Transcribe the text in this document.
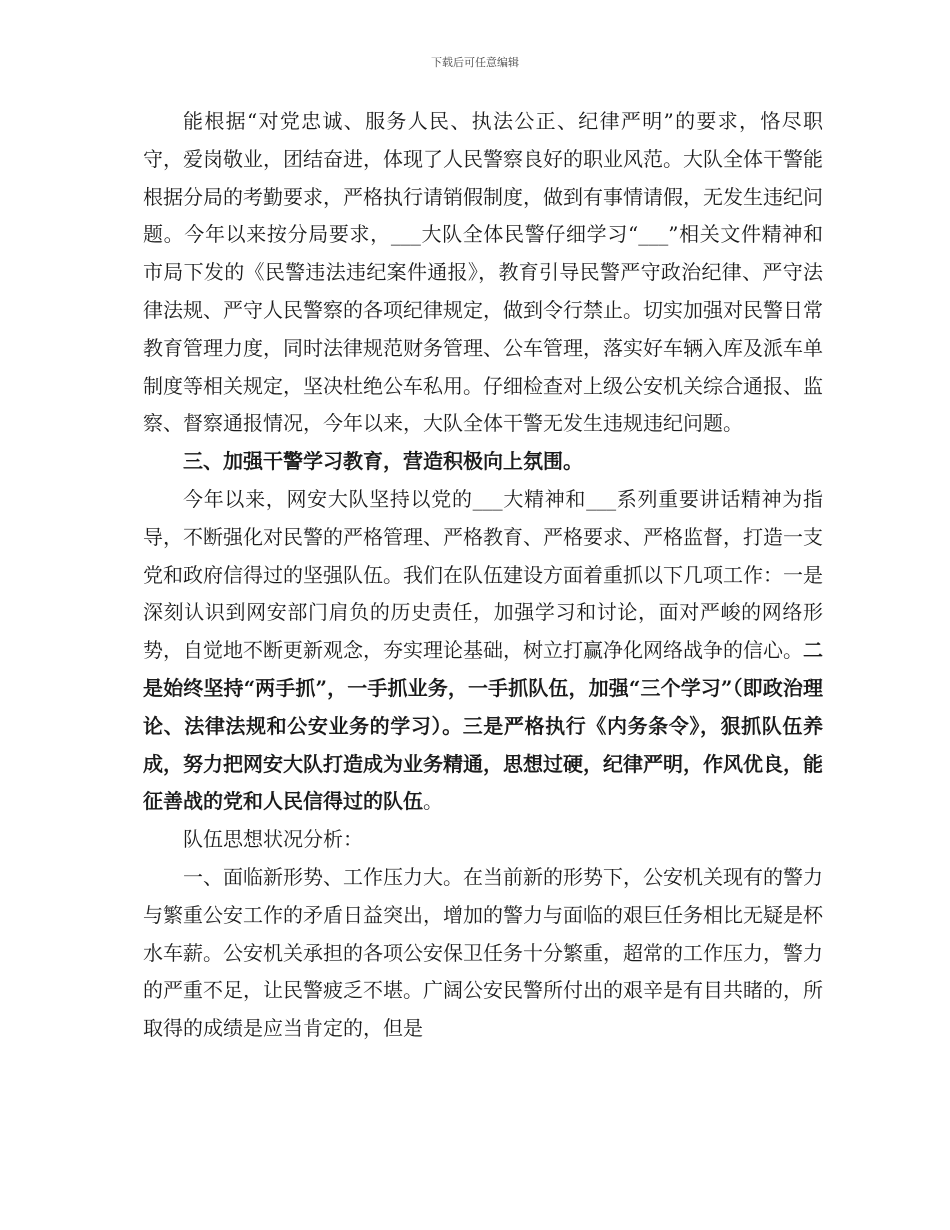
下载后可任意编辑

能根据“对党忠诚、服务人民、执法公正、纪律严明”的要求，恪尽职守，爱岗敬业，团结奋进，体现了人民警察良好的职业风范。大队全体干警能根据分局的考勤要求，严格执行请销假制度，做到有事情请假，无发生违纪问题。今年以来按分局要求，___大队全体民警仔细学习“___”相关文件精神和市局下发的《民警违法违纪案件通报》，教育引导民警严守政治纪律、严守法律法规、严守人民警察的各项纪律规定，做到令行禁止。切实加强对民警日常教育管理力度，同时法律规范财务管理、公车管理，落实好车辆入库及派车单制度等相关规定，坚决杜绝公车私用。仔细检查对上级公安机关综合通报、监察、督察通报情况，今年以来，大队全体干警无发生违规违纪问题。

三、加强干警学习教育，营造积极向上氛围。

今年以来，网安大队坚持以党的___大精神和___系列重要讲话精神为指导，不断强化对民警的严格管理、严格教育、严格要求、严格监督，打造一支党和政府信得过的坚强队伍。我们在队伍建设方面着重抓以下几项工作：一是深刻认识到网安部门肩负的历史责任，加强学习和讨论，面对严峻的网络形势，自觉地不断更新观念，夯实理论基础，树立打赢净化网络战争的信心。二是始终坚持“两手抓”，一手抓业务，一手抓队伍，加强“三个学习”（即政治理论、法律法规和公安业务的学习）。三是严格执行《内务条令》，狠抓队伍养成，努力把网安大队打造成为业务精通，思想过硬，纪律严明，作风优良，能征善战的党和人民信得过的队伍。

队伍思想状况分析：

一、面临新形势、工作压力大。在当前新的形势下，公安机关现有的警力与繁重公安工作的矛盾日益突出，增加的警力与面临的艰巨任务相比无疑是杯水车薪。公安机关承担的各项公安保卫任务十分繁重，超常的工作压力，警力的严重不足，让民警疲乏不堪。广阔公安民警所付出的艰辛是有目共睹的，所取得的成绩是应当肯定的，但是
